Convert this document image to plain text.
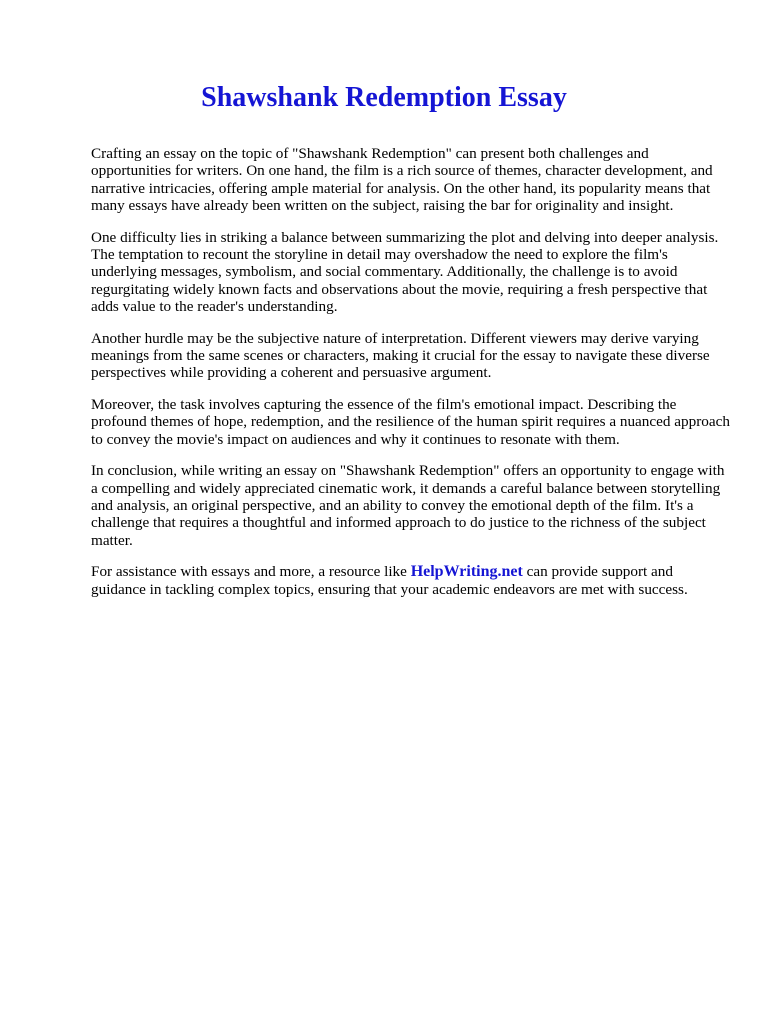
Shawshank Redemption Essay

Crafting an essay on the topic of "Shawshank Redemption" can present both challenges and opportunities for writers. On one hand, the film is a rich source of themes, character development, and narrative intricacies, offering ample material for analysis. On the other hand, its popularity means that many essays have already been written on the subject, raising the bar for originality and insight.

One difficulty lies in striking a balance between summarizing the plot and delving into deeper analysis. The temptation to recount the storyline in detail may overshadow the need to explore the film's underlying messages, symbolism, and social commentary. Additionally, the challenge is to avoid regurgitating widely known facts and observations about the movie, requiring a fresh perspective that adds value to the reader's understanding.

Another hurdle may be the subjective nature of interpretation. Different viewers may derive varying meanings from the same scenes or characters, making it crucial for the essay to navigate these diverse perspectives while providing a coherent and persuasive argument.

Moreover, the task involves capturing the essence of the film's emotional impact. Describing the profound themes of hope, redemption, and the resilience of the human spirit requires a nuanced approach to convey the movie's impact on audiences and why it continues to resonate with them.

In conclusion, while writing an essay on "Shawshank Redemption" offers an opportunity to engage with a compelling and widely appreciated cinematic work, it demands a careful balance between storytelling and analysis, an original perspective, and an ability to convey the emotional depth of the film. It's a challenge that requires a thoughtful and informed approach to do justice to the richness of the subject matter.

For assistance with essays and more, a resource like HelpWriting.net can provide support and guidance in tackling complex topics, ensuring that your academic endeavors are met with success.
